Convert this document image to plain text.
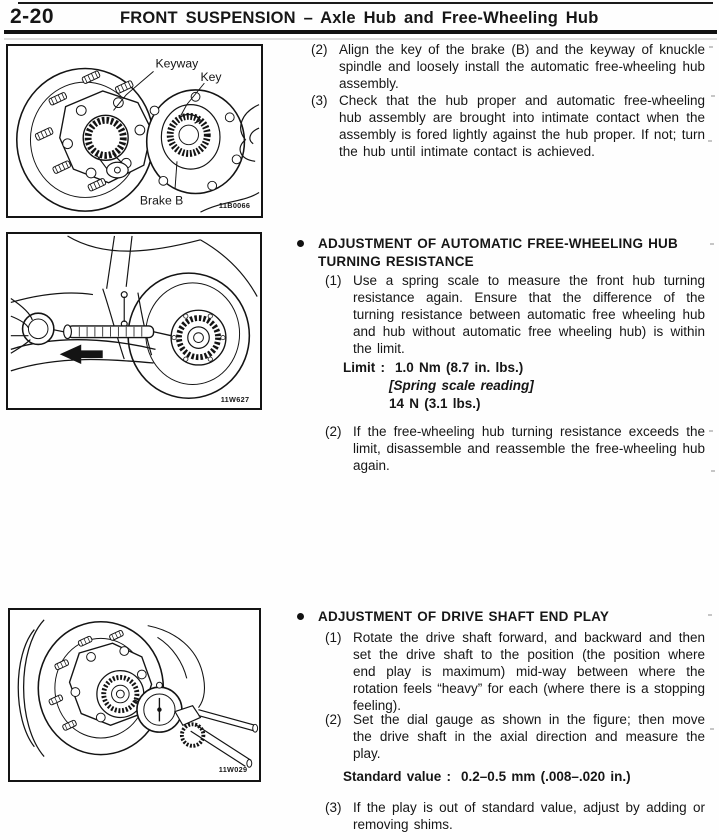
2-20	FRONT SUSPENSION – Axle Hub and Free-Wheeling Hub
Keyway
Key
Brake B	11B0066
11W627
11W029
(2) Align the key of the brake (B) and the keyway of knuckle spindle and loosely install the automatic free-wheeling hub assembly.
(3) Check that the hub proper and automatic free-wheeling hub assembly are brought into intimate contact when the assembly is fored lightly against the hub proper. If not; turn the hub until intimate contact is achieved.
ADJUSTMENT OF AUTOMATIC FREE-WHEELING HUB TURNING RESISTANCE
(1) Use a spring scale to measure the front hub turning resistance again. Ensure that the difference of the turning resistance between automatic free wheeling hub and hub without automatic free wheeling hub) is within the limit.
Limit : 1.0 Nm (8.7 in. lbs.)
[Spring scale reading]
14 N (3.1 lbs.)
(2) If the free-wheeling hub turning resistance exceeds the limit, disassemble and reassemble the free-wheeling hub again.
ADJUSTMENT OF DRIVE SHAFT END PLAY
(1) Rotate the drive shaft forward, and backward and then set the drive shaft to the position (the position where end play is maximum) mid-way between where the rotation feels “heavy” for each (where there is a stopping feeling).
(2) Set the dial gauge as shown in the figure; then move the drive shaft in the axial direction and measure the play.
Standard value : 0.2–0.5 mm (.008–.020 in.)
(3) If the play is out of standard value, adjust by adding or removing shims.
